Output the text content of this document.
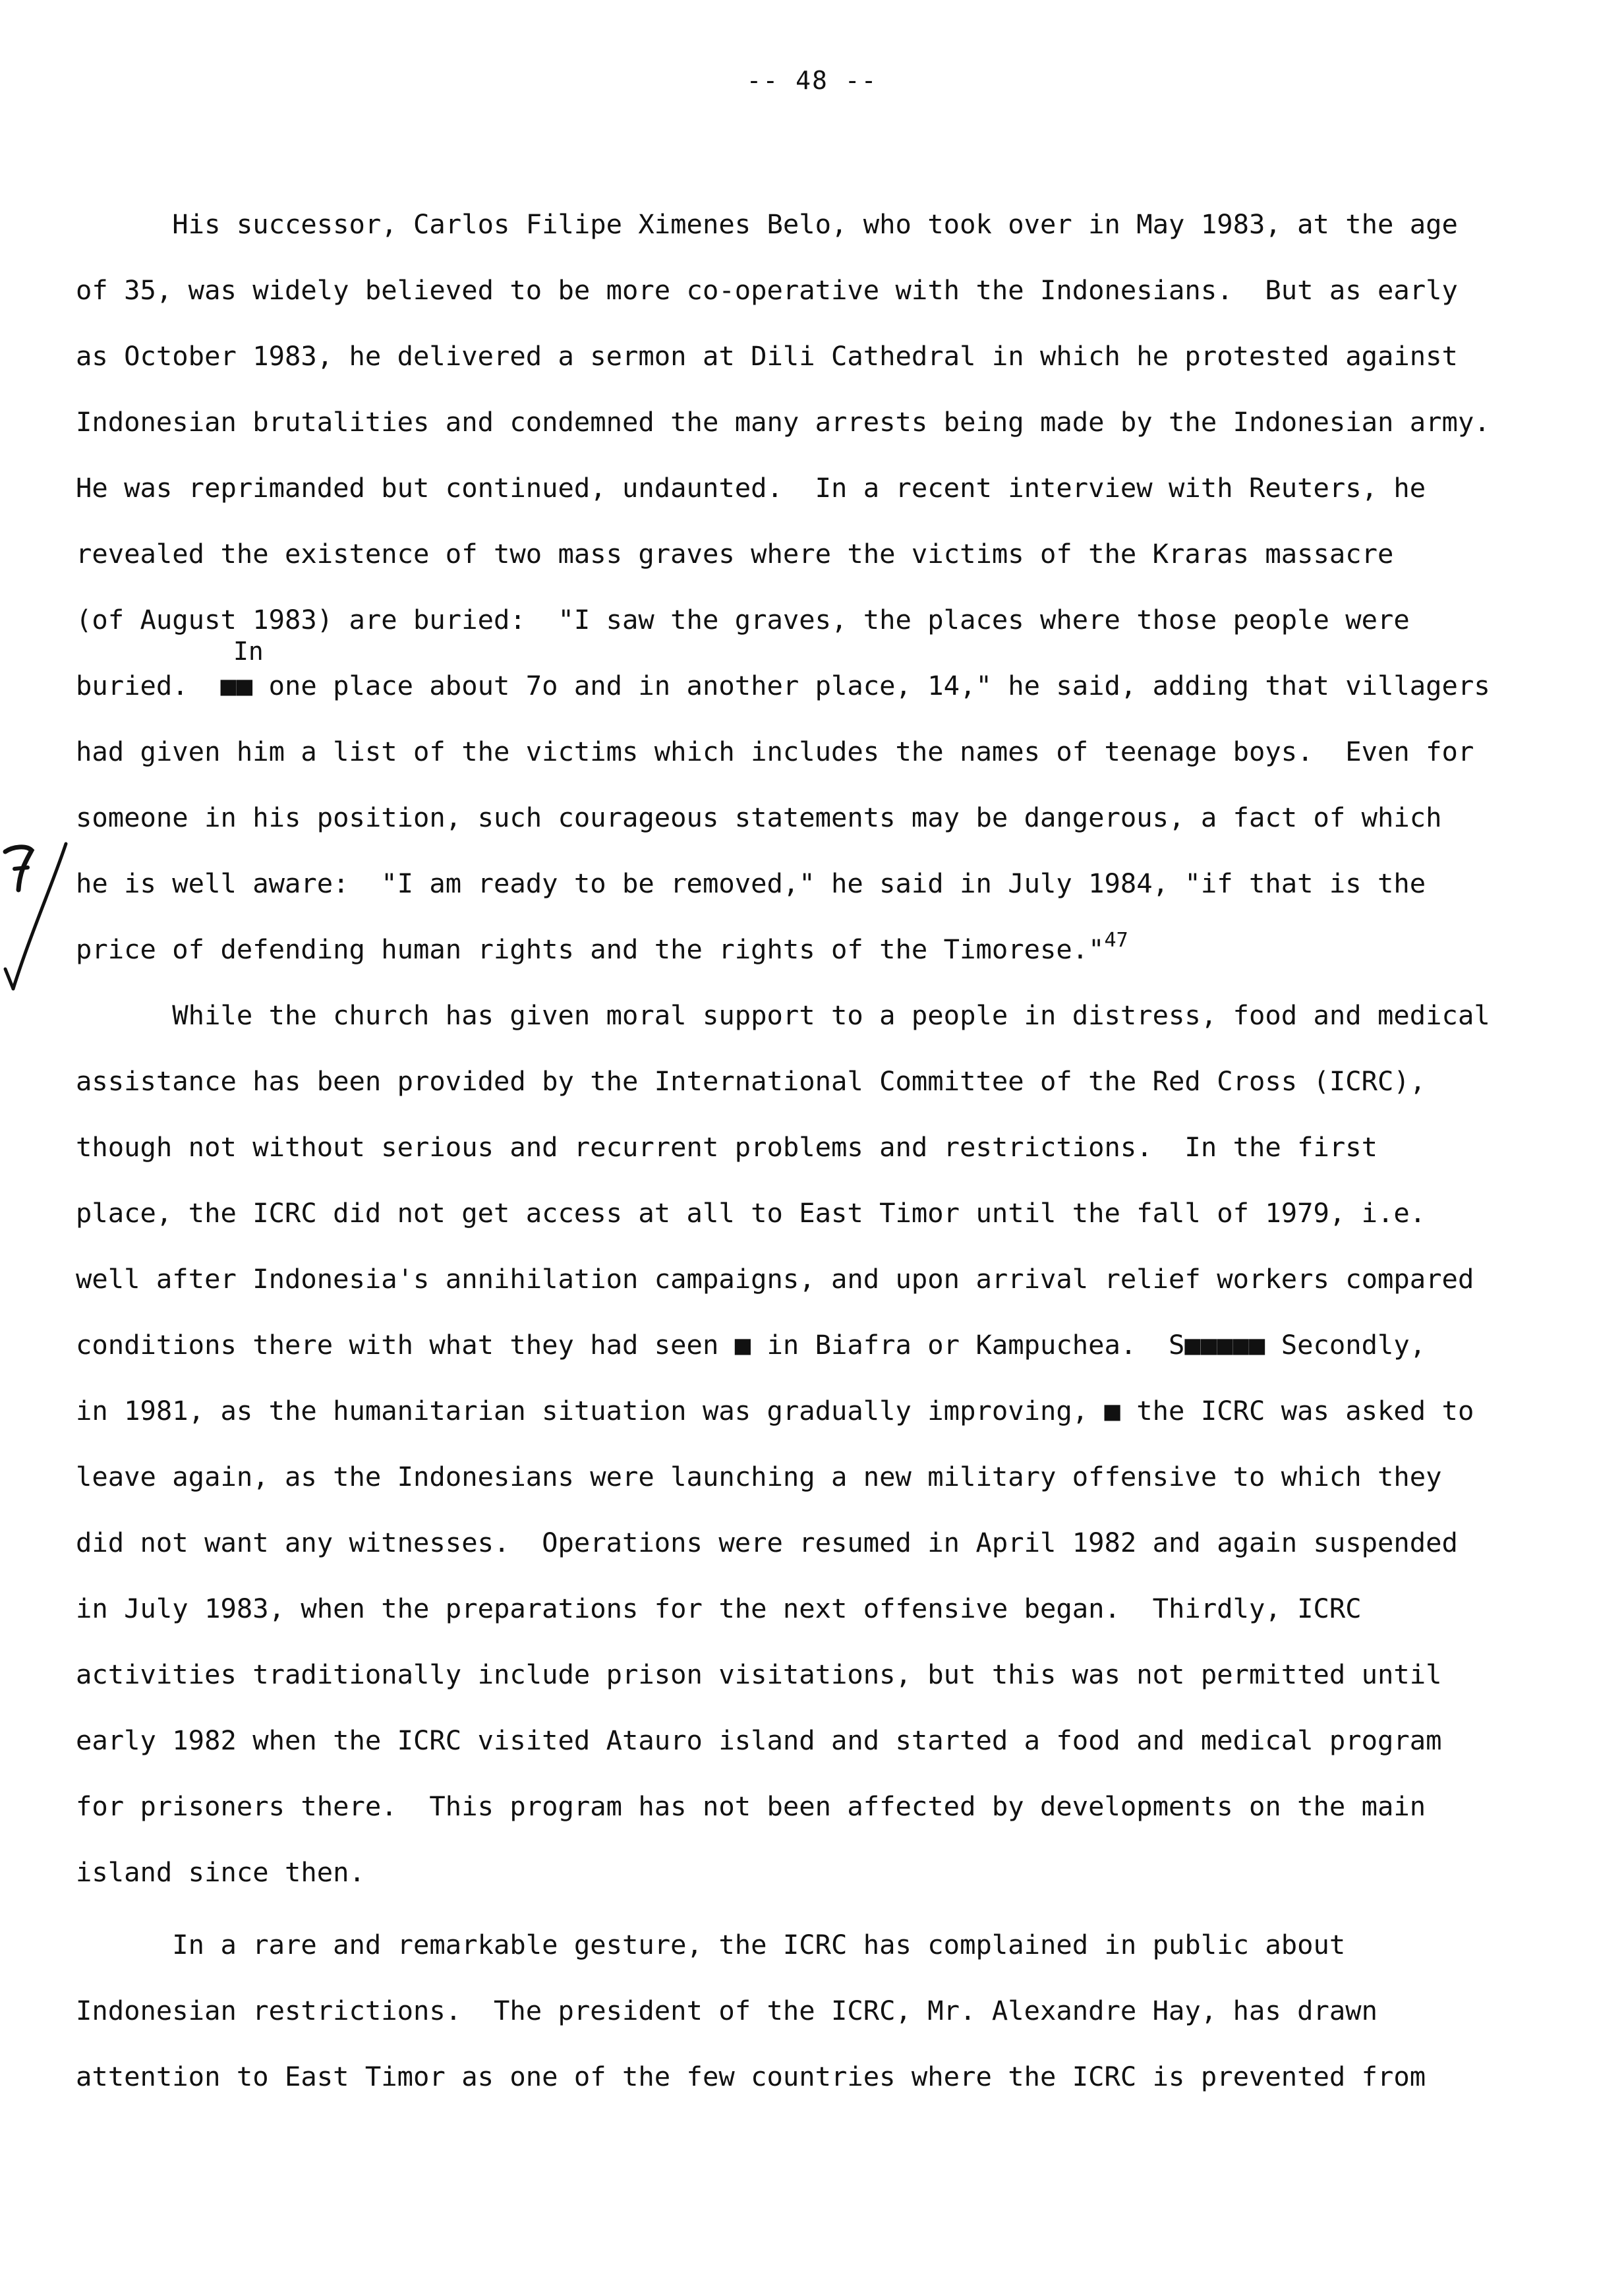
-- 48 --
His successor, Carlos Filipe Ximenes Belo, who took over in May 1983, at the age
of 35, was widely believed to be more co-operative with the Indonesians.  But as early
as October 1983, he delivered a sermon at Dili Cathedral in which he protested against
Indonesian brutalities and condemned the many arrests being made by the Indonesian army.
He was reprimanded but continued, undaunted.  In a recent interview with Reuters, he
revealed the existence of two mass graves where the victims of the Kraras massacre
(of August 1983) are buried:  "I saw the graves, the places where those people were
In
buried.  ■■ one place about 7o and in another place, 14," he said, adding that villagers
had given him a list of the victims which includes the names of teenage boys.  Even for
someone in his position, such courageous statements may be dangerous, a fact of which
he is well aware:  "I am ready to be removed," he said in July 1984, "if that is the
price of defending human rights and the rights of the Timorese."$^{47}$
While the church has given moral support to a people in distress, food and medical
assistance has been provided by the International Committee of the Red Cross (ICRC),
though not without serious and recurrent problems and restrictions.  In the first
place, the ICRC did not get access at all to East Timor until the fall of 1979, i.e.
well after Indonesia's annihilation campaigns, and upon arrival relief workers compared
conditions there with what they had seen ■ in Biafra or Kampuchea.  S■■■■■ Secondly,
in 1981, as the humanitarian situation was gradually improving, ■ the ICRC was asked to
leave again, as the Indonesians were launching a new military offensive to which they
did not want any witnesses.  Operations were resumed in April 1982 and again suspended
in July 1983, when the preparations for the next offensive began.  Thirdly, ICRC
activities traditionally include prison visitations, but this was not permitted until
early 1982 when the ICRC visited Atauro island and started a food and medical program
for prisoners there.  This program has not been affected by developments on the main
island since then.
In a rare and remarkable gesture, the ICRC has complained in public about
Indonesian restrictions.  The president of the ICRC, Mr. Alexandre Hay, has drawn
attention to East Timor as one of the few countries where the ICRC is prevented from
